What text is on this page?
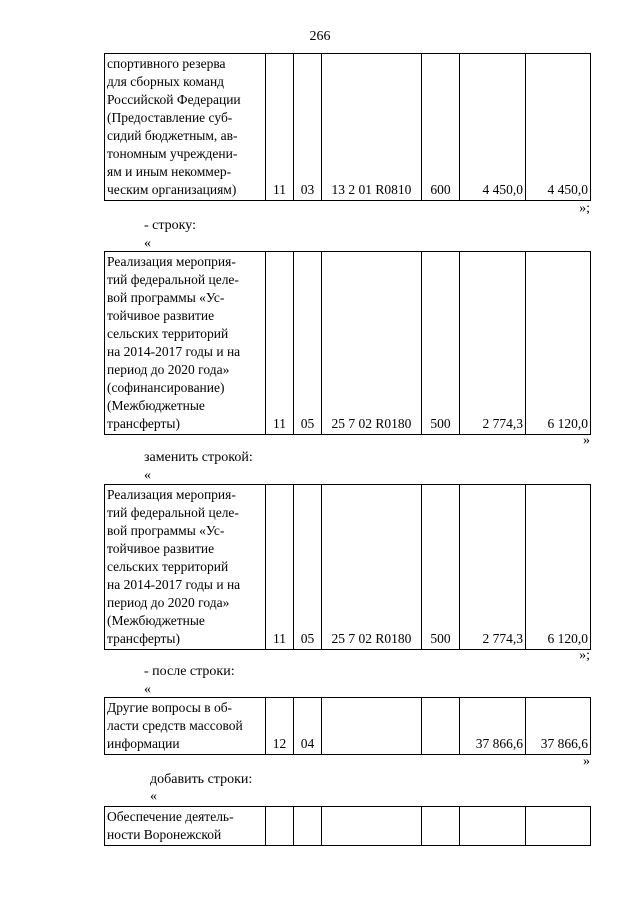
266
спортивного резерва
для сборных команд
Российской Федерации
(Предоставление суб-
сидий бюджетным, ав-
тономным учреждени-
ям и иным некоммер-
ческим организациям)	11	03	13 2 01 R0810	600	4 450,0	4 450,0
»;
- строку:
«
Реализация мероприя-
тий федеральной целе-
вой программы «Ус-
тойчивое развитие
сельских территорий
на 2014-2017 годы и на
период до 2020 года»
(софинансирование)
(Межбюджетные
трансферты)	11	05	25 7 02 R0180	500	2 774,3	6 120,0
»
заменить строкой:
«
Реализация мероприя-
тий федеральной целе-
вой программы «Ус-
тойчивое развитие
сельских территорий
на 2014-2017 годы и на
период до 2020 года»
(Межбюджетные
трансферты)	11	05	25 7 02 R0180	500	2 774,3	6 120,0
»;
- после строки:
«
Другие вопросы в об-
ласти средств массовой
информации	12	04			37 866,6	37 866,6
»
добавить строки:
«
Обеспечение деятель-
ности Воронежской						
